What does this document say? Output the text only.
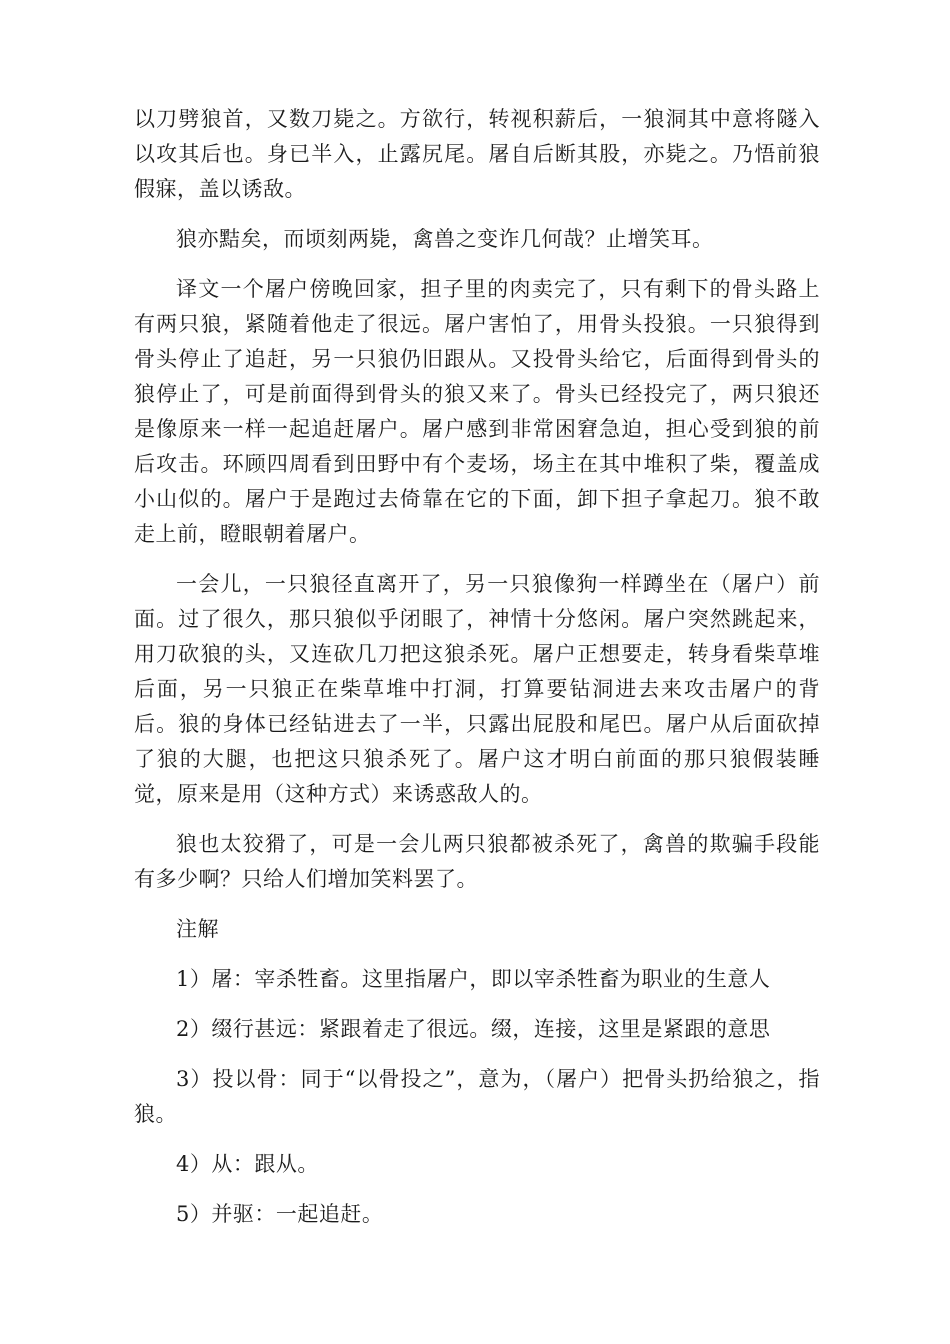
以刀劈狼首，又数刀毙之。方欲行，转视积薪后，一狼洞其中意将隧入以攻其后也。身已半入，止露尻尾。屠自后断其股，亦毙之。乃悟前狼假寐，盖以诱敌。

狼亦黠矣，而顷刻两毙，禽兽之变诈几何哉？止增笑耳。

译文一个屠户傍晚回家，担子里的肉卖完了，只有剩下的骨头路上有两只狼，紧随着他走了很远。屠户害怕了，用骨头投狼。一只狼得到骨头停止了追赶，另一只狼仍旧跟从。又投骨头给它，后面得到骨头的狼停止了，可是前面得到骨头的狼又来了。骨头已经投完了，两只狼还是像原来一样一起追赶屠户。屠户感到非常困窘急迫，担心受到狼的前后攻击。环顾四周看到田野中有个麦场，场主在其中堆积了柴，覆盖成小山似的。屠户于是跑过去倚靠在它的下面，卸下担子拿起刀。狼不敢走上前，瞪眼朝着屠户。

一会儿，一只狼径直离开了，另一只狼像狗一样蹲坐在（屠户）前面。过了很久，那只狼似乎闭眼了，神情十分悠闲。屠户突然跳起来，用刀砍狼的头，又连砍几刀把这狼杀死。屠户正想要走，转身看柴草堆后面，另一只狼正在柴草堆中打洞，打算要钻洞进去来攻击屠户的背后。狼的身体已经钻进去了一半，只露出屁股和尾巴。屠户从后面砍掉了狼的大腿，也把这只狼杀死了。屠户这才明白前面的那只狼假装睡觉，原来是用（这种方式）来诱惑敌人的。

狼也太狡猾了，可是一会儿两只狼都被杀死了，禽兽的欺骗手段能有多少啊？只给人们增加笑料罢了。

注解

1）屠：宰杀牲畜。这里指屠户，即以宰杀牲畜为职业的生意人

2）缀行甚远：紧跟着走了很远。缀，连接，这里是紧跟的意思

3）投以骨：同于“以骨投之”，意为，（屠户）把骨头扔给狼之，指狼。

4）从：跟从。

5）并驱：一起追赶。
